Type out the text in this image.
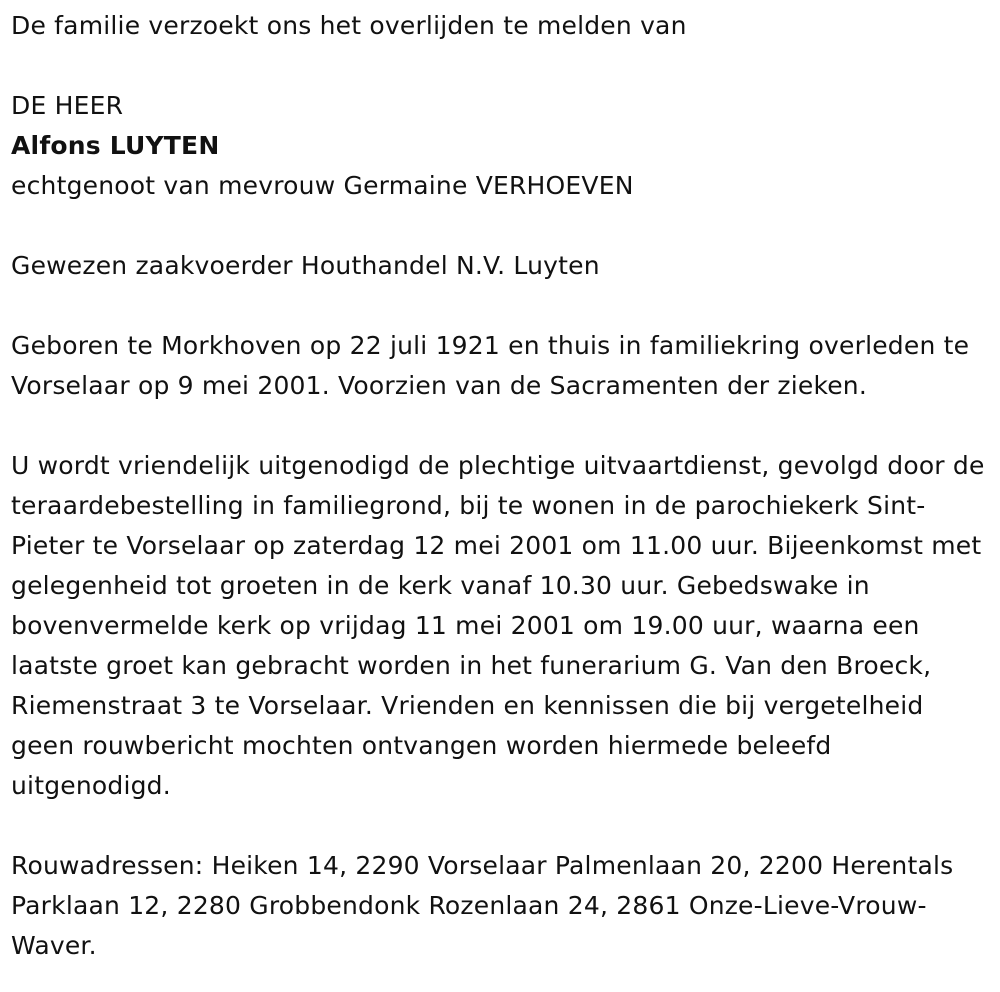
De familie verzoekt ons het overlijden te melden van

DE HEER

Alfons LUYTEN

echtgenoot van mevrouw Germaine VERHOEVEN

Gewezen zaakvoerder Houthandel N.V. Luyten

Geboren te Morkhoven op 22 juli 1921 en thuis in familiekring overleden te Vorselaar op 9 mei 2001. Voorzien van de Sacramenten der zieken.

U wordt vriendelijk uitgenodigd de plechtige uitvaartdienst, gevolgd door de teraardebestelling in familiegrond, bij te wonen in de parochiekerk Sint-Pieter te Vorselaar op zaterdag 12 mei 2001 om 11.00 uur. Bijeenkomst met gelegenheid tot groeten in de kerk vanaf 10.30 uur. Gebedswake in bovenvermelde kerk op vrijdag 11 mei 2001 om 19.00 uur, waarna een laatste groet kan gebracht worden in het funerarium G. Van den Broeck, Riemenstraat 3 te Vorselaar. Vrienden en kennissen die bij vergetelheid geen rouwbericht mochten ontvangen worden hiermede beleefd uitgenodigd.

Rouwadressen: Heiken 14, 2290 Vorselaar Palmenlaan 20, 2200 Herentals Parklaan 12, 2280 Grobbendonk Rozenlaan 24, 2861 Onze-Lieve-Vrouw-Waver.
